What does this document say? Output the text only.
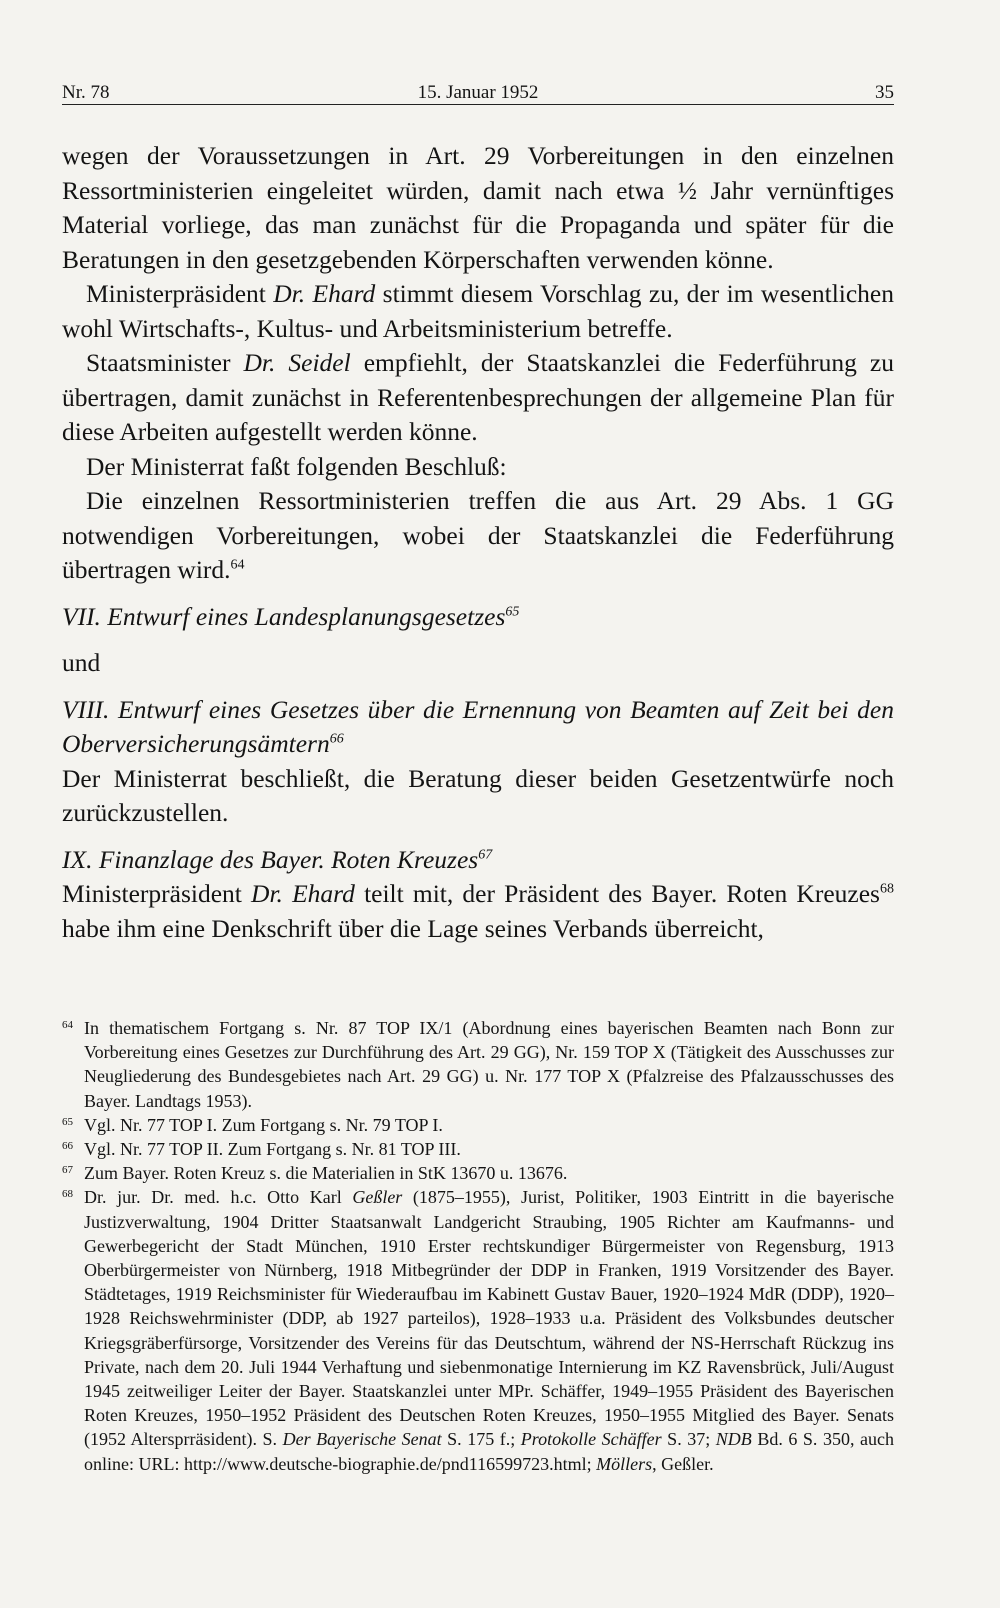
Nr. 78	15. Januar 1952	35

wegen der Voraussetzungen in Art. 29 Vorbereitungen in den einzelnen Ressortministerien eingeleitet würden, damit nach etwa ½ Jahr vernünftiges Material vorliege, das man zunächst für die Propaganda und später für die Beratungen in den gesetzgebenden Körperschaften verwenden könne.

Ministerpräsident Dr. Ehard stimmt diesem Vorschlag zu, der im wesentlichen wohl Wirtschafts-, Kultus- und Arbeitsministerium betreffe.

Staatsminister Dr. Seidel empfiehlt, der Staatskanzlei die Federführung zu übertragen, damit zunächst in Referentenbesprechungen der allgemeine Plan für diese Arbeiten aufgestellt werden könne.

Der Ministerrat faßt folgenden Beschluß:

Die einzelnen Ressortministerien treffen die aus Art. 29 Abs. 1 GG notwendigen Vorbereitungen, wobei der Staatskanzlei die Federführung übertragen wird.$^{64}$

VII. Entwurf eines Landesplanungsgesetzes$^{65}$

und

VIII. Entwurf eines Gesetzes über die Ernennung von Beamten auf Zeit bei den Oberversicherungsämtern$^{66}$

Der Ministerrat beschließt, die Beratung dieser beiden Gesetzentwürfe noch zurückzustellen.

IX. Finanzlage des Bayer. Roten Kreuzes$^{67}$

Ministerpräsident Dr. Ehard teilt mit, der Präsident des Bayer. Roten Kreuzes$^{68}$ habe ihm eine Denkschrift über die Lage seines Verbands überreicht,

64 In thematischem Fortgang s. Nr. 87 TOP IX/1 (Abordnung eines bayerischen Beamten nach Bonn zur Vorbereitung eines Gesetzes zur Durchführung des Art. 29 GG), Nr. 159 TOP X (Tätigkeit des Ausschusses zur Neugliederung des Bundesgebietes nach Art. 29 GG) u. Nr. 177 TOP X (Pfalzreise des Pfalzausschusses des Bayer. Landtags 1953).

65 Vgl. Nr. 77 TOP I. Zum Fortgang s. Nr. 79 TOP I.

66 Vgl. Nr. 77 TOP II. Zum Fortgang s. Nr. 81 TOP III.

67 Zum Bayer. Roten Kreuz s. die Materialien in StK 13670 u. 13676.

68 Dr. jur. Dr. med. h.c. Otto Karl Geßler (1875–1955), Jurist, Politiker, 1903 Eintritt in die bayerische Justizverwaltung, 1904 Dritter Staatsanwalt Landgericht Straubing, 1905 Richter am Kaufmanns- und Gewerbegericht der Stadt München, 1910 Erster rechtskundiger Bürgermeister von Regensburg, 1913 Oberbürgermeister von Nürnberg, 1918 Mitbegründer der DDP in Franken, 1919 Vorsitzender des Bayer. Städtetages, 1919 Reichsminister für Wiederaufbau im Kabinett Gustav Bauer, 1920–1924 MdR (DDP), 1920–1928 Reichswehrminister (DDP, ab 1927 parteilos), 1928–1933 u.a. Präsident des Volksbundes deutscher Kriegsgräberfürsorge, Vorsitzender des Vereins für das Deutschtum, während der NS-Herrschaft Rückzug ins Private, nach dem 20. Juli 1944 Verhaftung und siebenmonatige Internierung im KZ Ravensbrück, Juli/August 1945 zeitweiliger Leiter der Bayer. Staatskanzlei unter MPr. Schäffer, 1949–1955 Präsident des Bayerischen Roten Kreuzes, 1950–1952 Präsident des Deutschen Roten Kreuzes, 1950–1955 Mitglied des Bayer. Senats (1952 Altersprräsident). S. Der Bayerische Senat S. 175 f.; Protokolle Schäffer S. 37; NDB Bd. 6 S. 350, auch online: URL: http://www.deutsche-biographie.de/pnd116599723.html; Möllers, Geßler.
